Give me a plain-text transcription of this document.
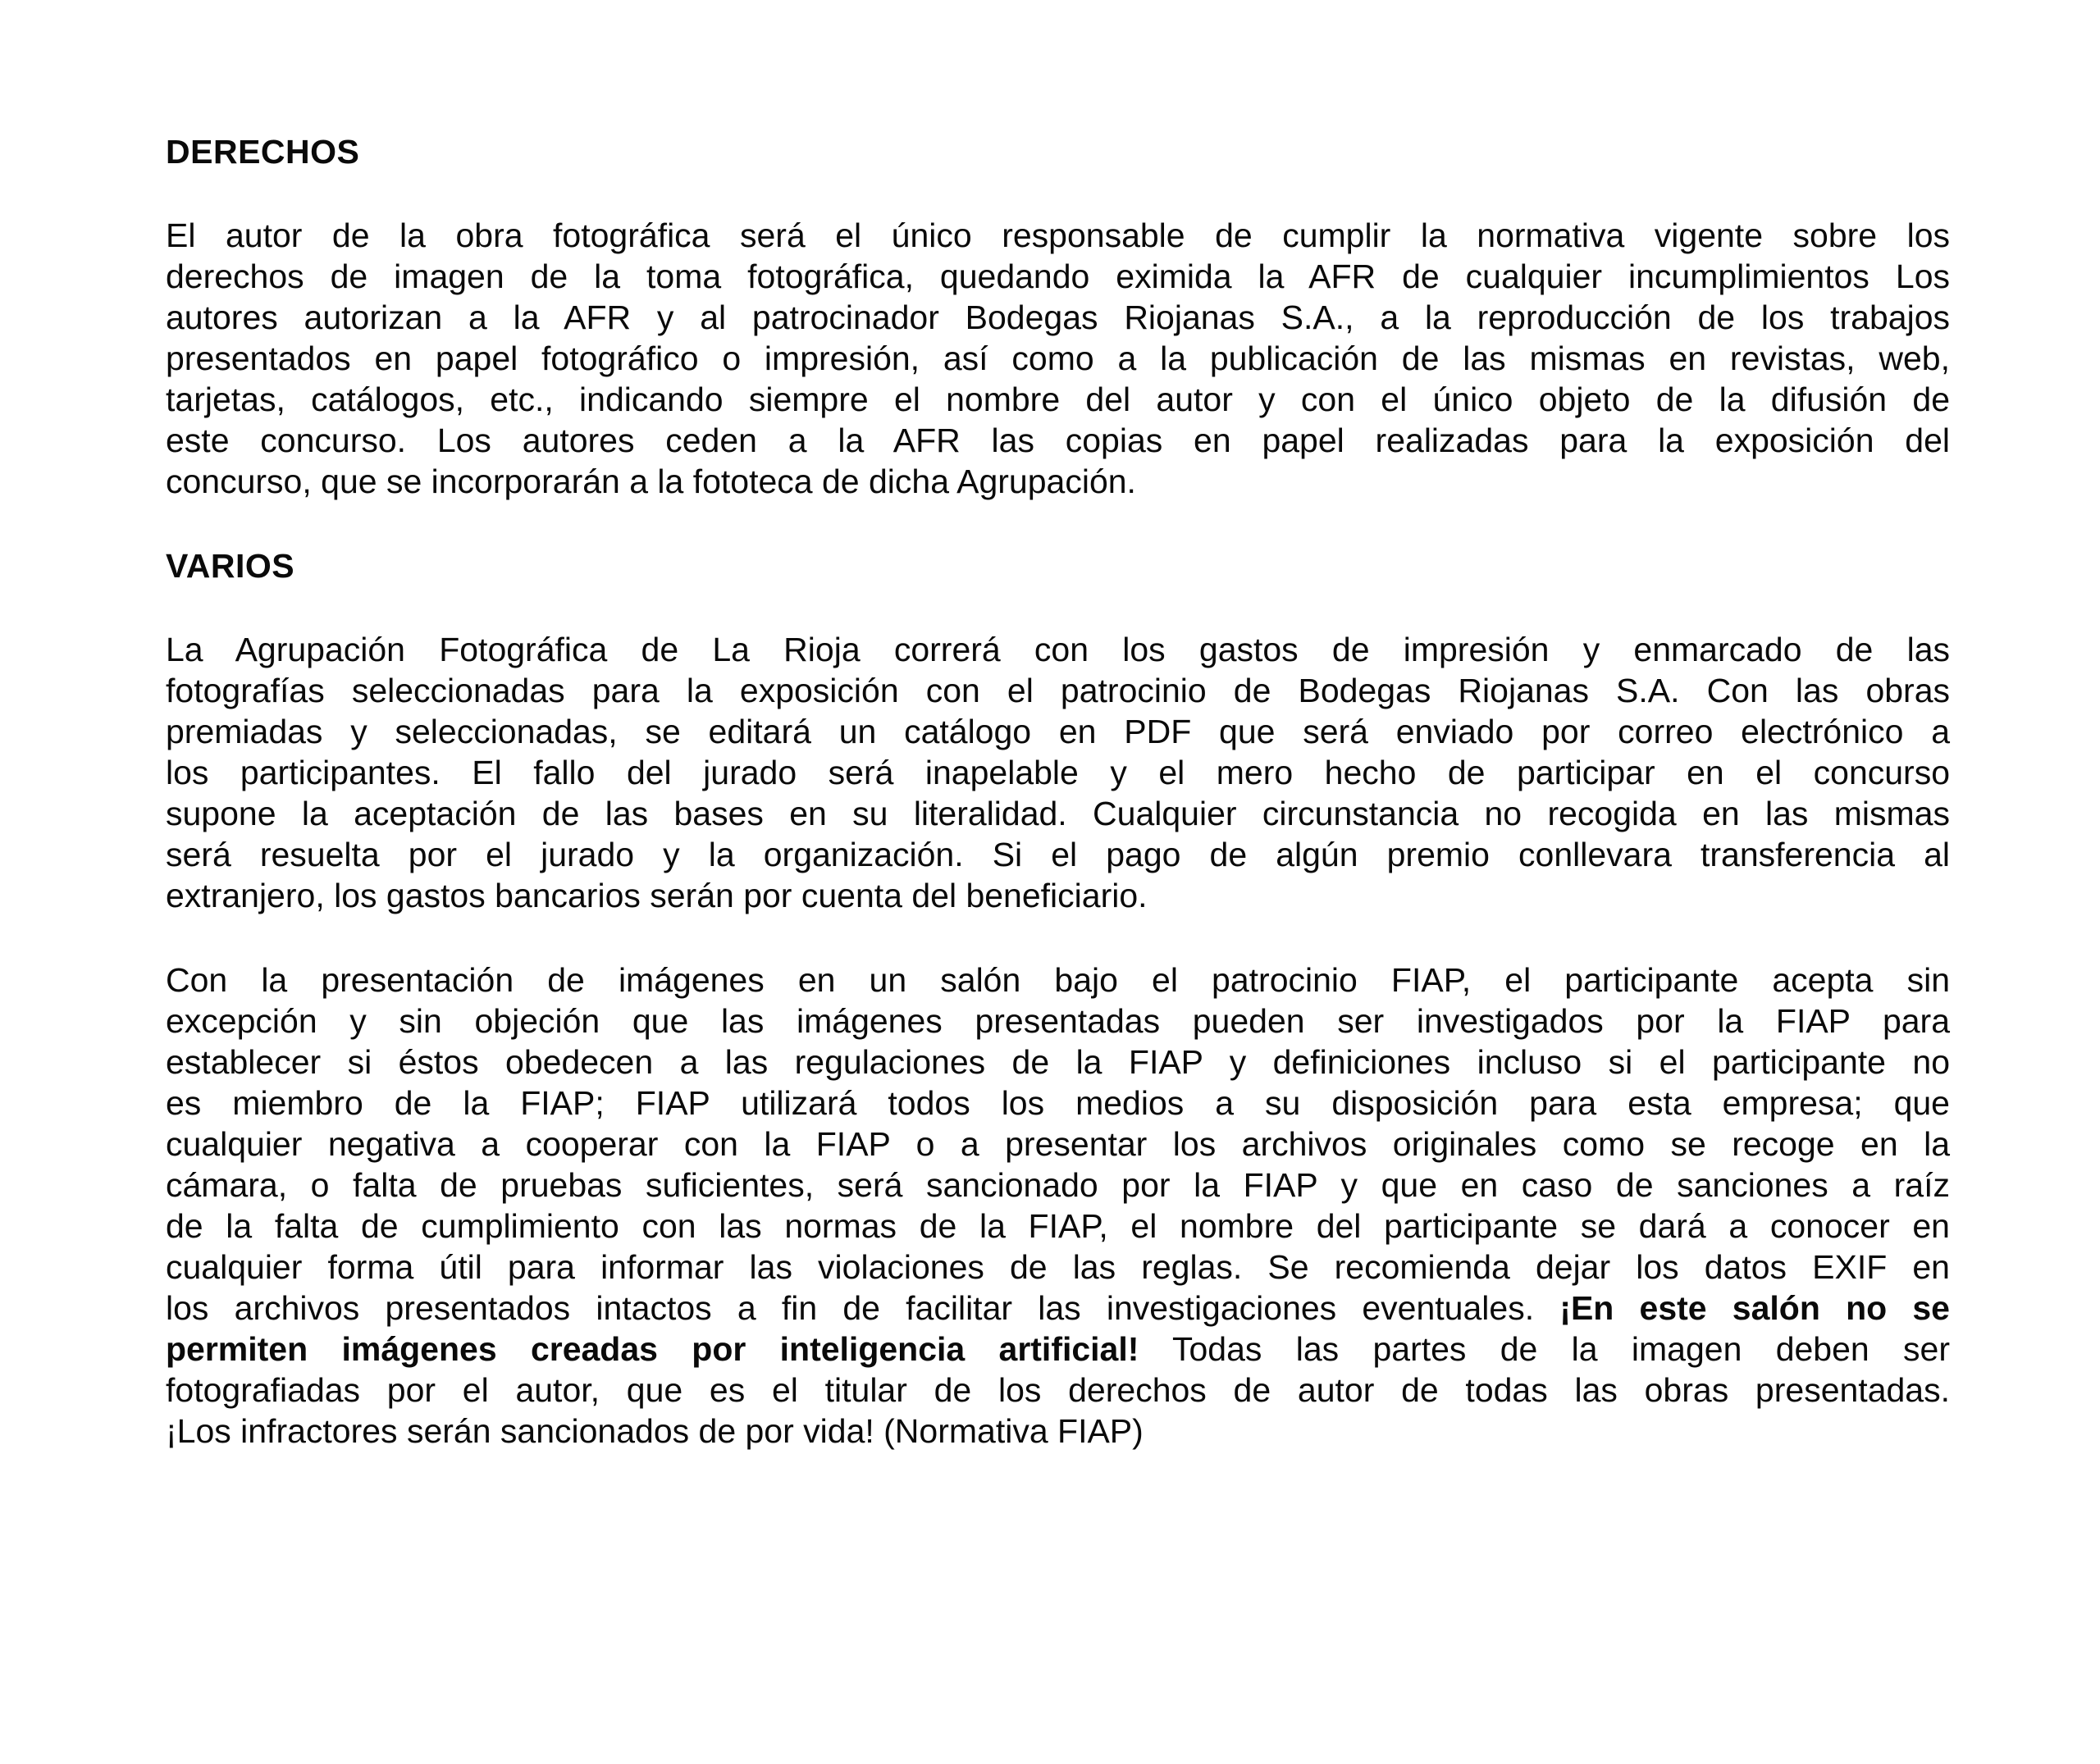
DERECHOS
El autor de la obra fotográfica será el único responsable de cumplir la normativa vigente sobre los
derechos de imagen de la toma fotográfica, quedando eximida la AFR de cualquier incumplimientos Los
autores autorizan a la AFR y al patrocinador Bodegas Riojanas S.A., a la reproducción de los trabajos
presentados en papel fotográfico o impresión, así como a la publicación de las mismas en revistas, web,
tarjetas, catálogos, etc., indicando siempre el nombre del autor y con el único objeto de la difusión de
este concurso. Los autores ceden a la AFR las copias en papel realizadas para la exposición del
concurso, que se incorporarán a la fototeca de dicha Agrupación.
VARIOS
La Agrupación Fotográfica de La Rioja correrá con los gastos de impresión y enmarcado de las
fotografías seleccionadas para la exposición con el patrocinio de Bodegas Riojanas S.A. Con las obras
premiadas y seleccionadas, se editará un catálogo en PDF que será enviado por correo electrónico a
los participantes. El fallo del jurado será inapelable y el mero hecho de participar en el concurso
supone la aceptación de las bases en su literalidad. Cualquier circunstancia no recogida en las mismas
será resuelta por el jurado y la organización. Si el pago de algún premio conllevara transferencia al
extranjero, los gastos bancarios serán por cuenta del beneficiario.
Con la presentación de imágenes en un salón bajo el patrocinio FIAP, el participante acepta sin
excepción y sin objeción que las imágenes presentadas pueden ser investigados por la FIAP para
establecer si éstos obedecen a las regulaciones de la FIAP y definiciones incluso si el participante no
es miembro de la FIAP; FIAP utilizará todos los medios a su disposición para esta empresa; que
cualquier negativa a cooperar con la FIAP o a presentar los archivos originales como se recoge en la
cámara, o falta de pruebas suficientes, será sancionado por la FIAP y que en caso de sanciones a raíz
de la falta de cumplimiento con las normas de la FIAP, el nombre del participante se dará a conocer en
cualquier forma útil para informar las violaciones de las reglas. Se recomienda dejar los datos EXIF en
los archivos presentados intactos a fin de facilitar las investigaciones eventuales. ¡En este salón no se
permiten imágenes creadas por inteligencia artificial! Todas las partes de la imagen deben ser
fotografiadas por el autor, que es el titular de los derechos de autor de todas las obras presentadas.
¡Los infractores serán sancionados de por vida! (Normativa FIAP)
